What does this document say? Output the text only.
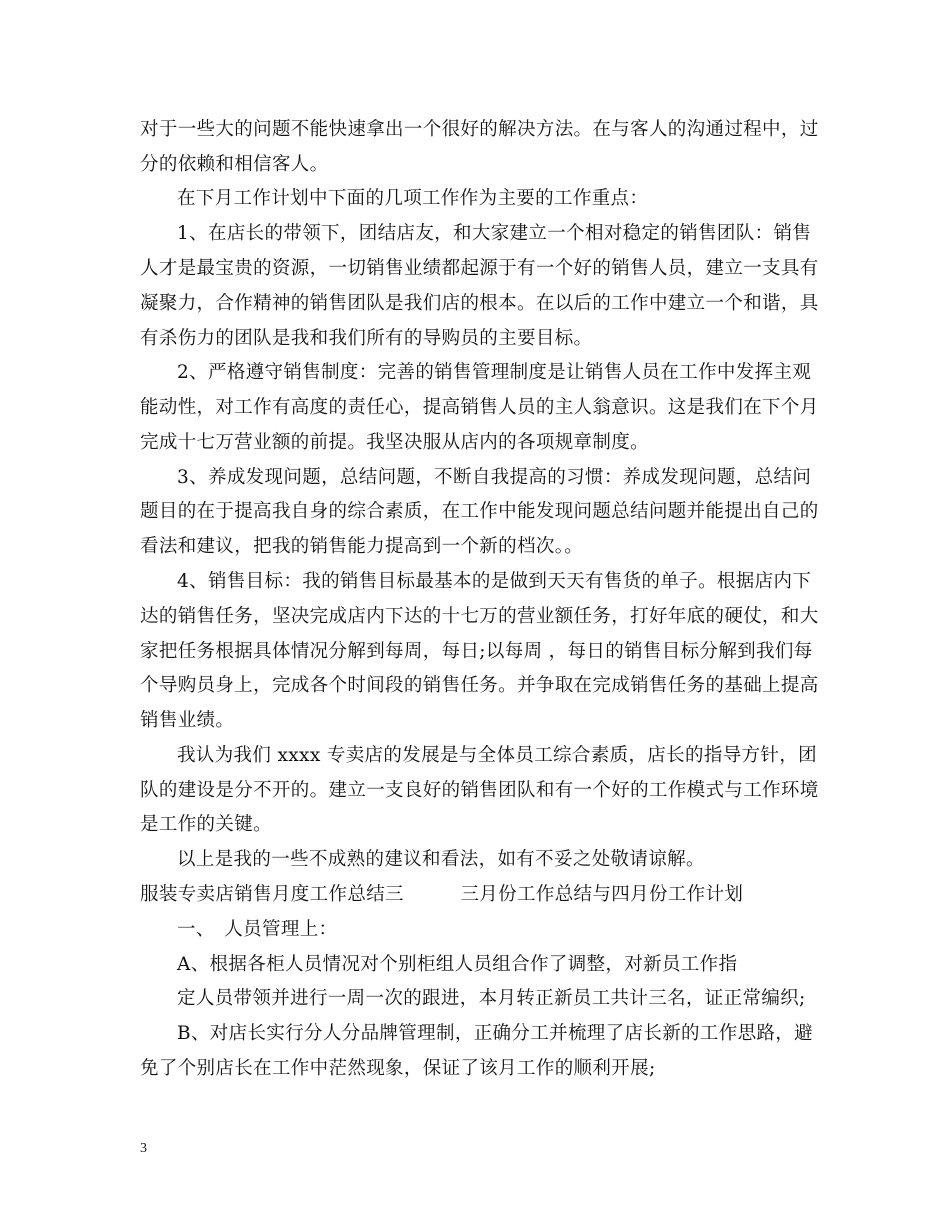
对于一些大的问题不能快速拿出一个很好的解决方法。在与客人的沟通过程中，过
分的依赖和相信客人。
在下月工作计划中下面的几项工作作为主要的工作重点：
1、在店长的带领下，团结店友，和大家建立一个相对稳定的销售团队：销售
人才是最宝贵的资源，一切销售业绩都起源于有一个好的销售人员，建立一支具有
凝聚力，合作精神的销售团队是我们店的根本。在以后的工作中建立一个和谐，具
有杀伤力的团队是我和我们所有的导购员的主要目标。
2、严格遵守销售制度：完善的销售管理制度是让销售人员在工作中发挥主观
能动性，对工作有高度的责任心，提高销售人员的主人翁意识。这是我们在下个月
完成十七万营业额的前提。我坚决服从店内的各项规章制度。
3、养成发现问题，总结问题，不断自我提高的习惯：养成发现问题，总结问
题目的在于提高我自身的综合素质，在工作中能发现问题总结问题并能提出自己的
看法和建议，把我的销售能力提高到一个新的档次。。
4、销售目标：我的销售目标最基本的是做到天天有售货的单子。根据店内下
达的销售任务，坚决完成店内下达的十七万的营业额任务，打好年底的硬仗，和大
家把任务根据具体情况分解到每周，每日;以每周 ，每日的销售目标分解到我们每
个导购员身上，完成各个时间段的销售任务。并争取在完成销售任务的基础上提高
销售业绩。
我认为我们 xxxx 专卖店的发展是与全体员工综合素质，店长的指导方针，团
队的建设是分不开的。建立一支良好的销售团队和有一个好的工作模式与工作环境
是工作的关键。
以上是我的一些不成熟的建议和看法，如有不妥之处敬请谅解。
服装专卖店销售月度工作总结三　　　三月份工作总结与四月份工作计划
一、　人员管理上：
A、根据各柜人员情况对个别柜组人员组合作了调整，对新员工作指
定人员带领并进行一周一次的跟进，本月转正新员工共计三名，证正常编织;
B、对店长实行分人分品牌管理制，正确分工并梳理了店长新的工作思路，避
免了个别店长在工作中茫然现象，保证了该月工作的顺利开展;
3
